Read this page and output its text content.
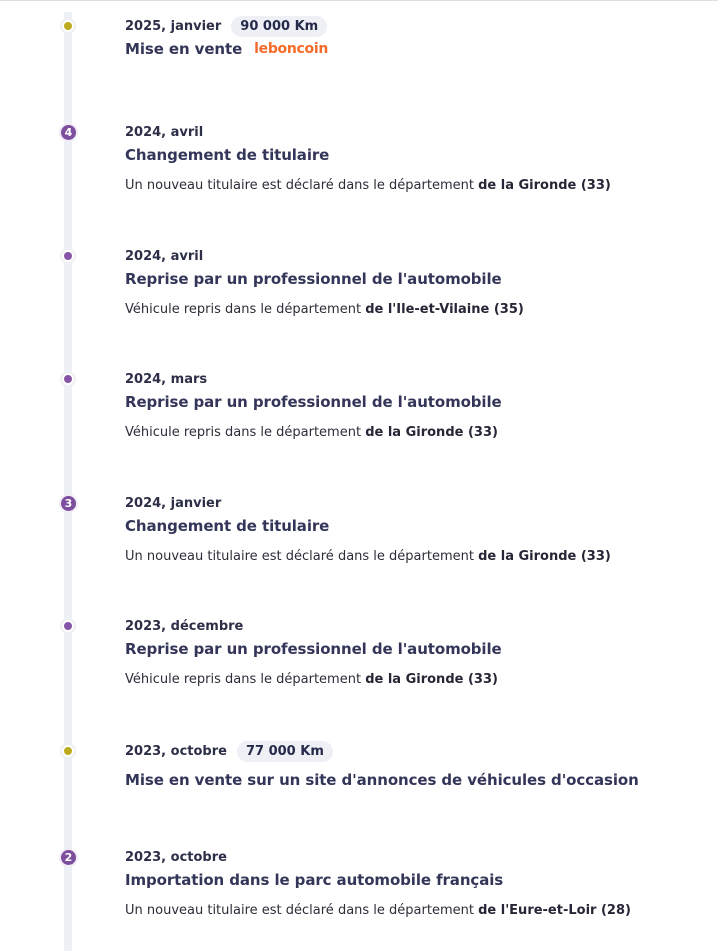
2025, janvier	90 000 Km
Mise en vente leboncoin
4	2024, avril
Changement de titulaire
Un nouveau titulaire est déclaré dans le département de la Gironde (33)
2024, avril
Reprise par un professionnel de l'automobile
Véhicule repris dans le département de l'Ile-et-Vilaine (35)
2024, mars
Reprise par un professionnel de l'automobile
Véhicule repris dans le département de la Gironde (33)
3	2024, janvier
Changement de titulaire
Un nouveau titulaire est déclaré dans le département de la Gironde (33)
2023, décembre
Reprise par un professionnel de l'automobile
Véhicule repris dans le département de la Gironde (33)
2023, octobre	77 000 Km
Mise en vente sur un site d'annonces de véhicules d'occasion
2	2023, octobre
Importation dans le parc automobile français
Un nouveau titulaire est déclaré dans le département de l'Eure-et-Loir (28)
